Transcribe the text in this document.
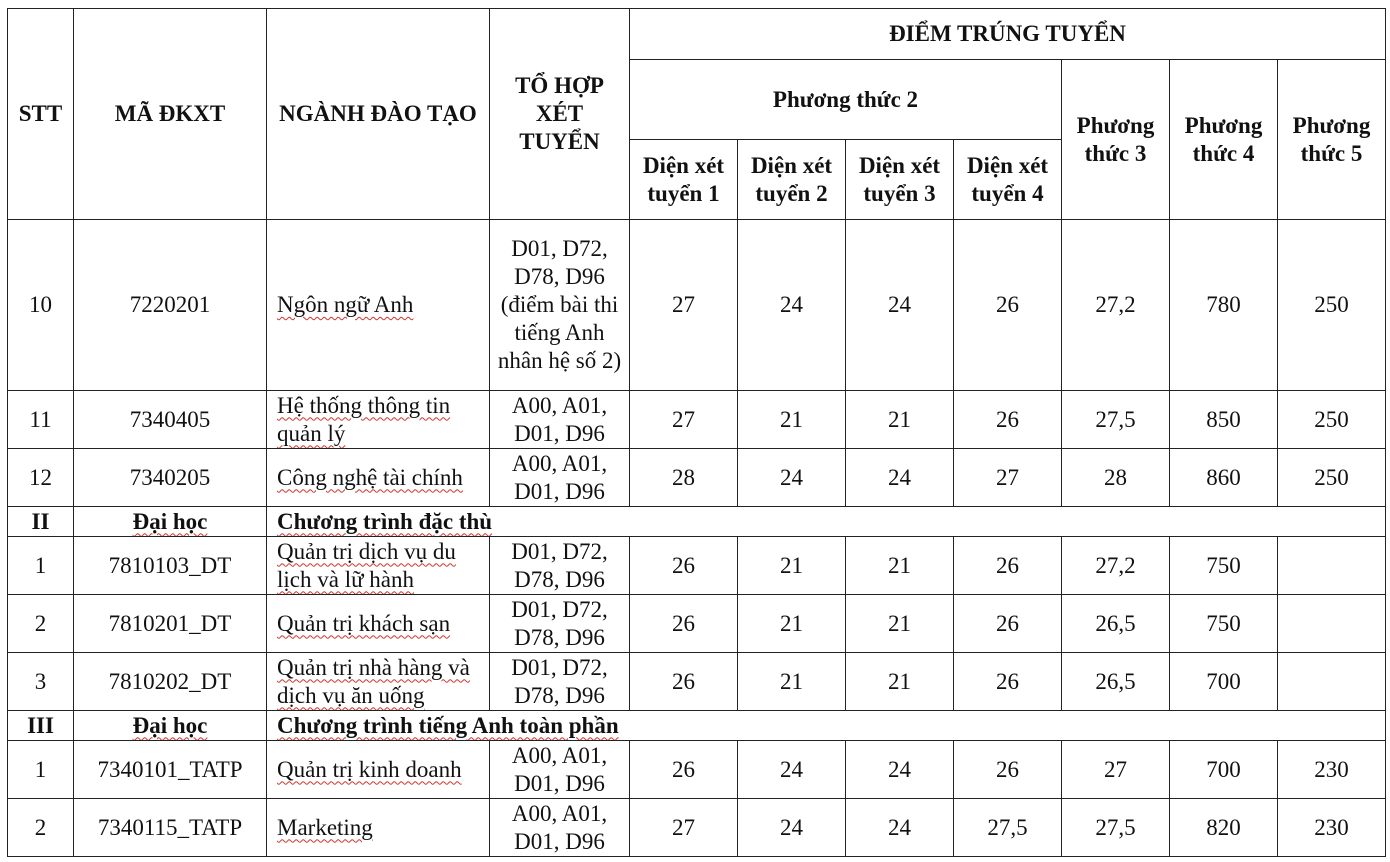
STT	MÃ ĐKXT	NGÀNH ĐÀO TẠO	TỔ HỢP XÉT TUYỂN	ĐIỂM TRÚNG TUYỂN						
				Phương thức 2				Phương thức 3	Phương thức 4	Phương thức 5
				Diện xét tuyển 1	Diện xét tuyển 2	Diện xét tuyển 3	Diện xét tuyển 4			
10	7220201	Ngôn ngữ Anh	D01, D72, D78, D96 (điểm bài thi tiếng Anh nhân hệ số 2)	27	24	24	26	27,2	780	250
11	7340405	Hệ thống thông tin quản lý	A00, A01, D01, D96	27	21	21	26	27,5	850	250
12	7340205	Công nghệ tài chính	A00, A01, D01, D96	28	24	24	27	28	860	250
II	Đại học	Chương trình đặc thù								
1	7810103_DT	Quản trị dịch vụ du lịch và lữ hành	D01, D72, D78, D96	26	21	21	26	27,2	750	
2	7810201_DT	Quản trị khách sạn	D01, D72, D78, D96	26	21	21	26	26,5	750	
3	7810202_DT	Quản trị nhà hàng và dịch vụ ăn uống	D01, D72, D78, D96	26	21	21	26	26,5	700	
III	Đại học	Chương trình tiếng Anh toàn phần								
1	7340101_TATP	Quản trị kinh doanh	A00, A01, D01, D96	26	24	24	26	27	700	230
2	7340115_TATP	Marketing	A00, A01, D01, D96	27	24	24	27,5	27,5	820	230
